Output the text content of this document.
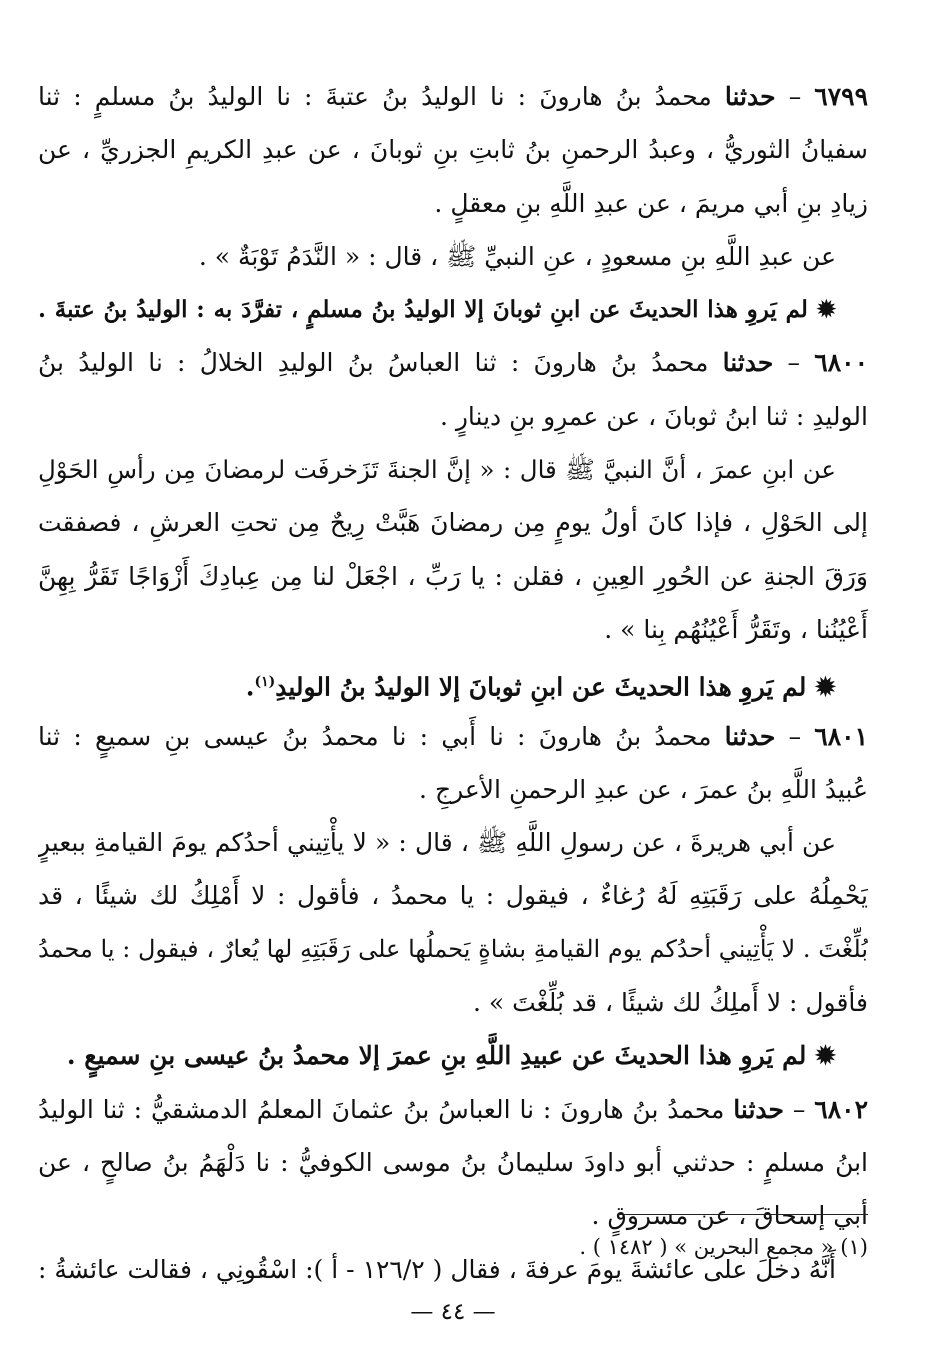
٦٧٩٩ – حدثنا محمدُ بنُ هارونَ : نا الوليدُ بنُ عتبةَ : نا الوليدُ بنُ مسلمٍ : ثنا
سفيانُ الثوريُّ ، وعبدُ الرحمنِ بنُ ثابتِ بنِ ثوبانَ ، عن عبدِ الكريمِ الجزريِّ ، عن
زيادِ بنِ أبي مريمَ ، عن عبدِ اللَّهِ بنِ معقلٍ .
عن عبدِ اللَّهِ بنِ مسعودٍ ، عنِ النبيِّ ﷺ ، قال : « النَّدَمُ تَوْبَةٌ » .
✹ لم يَروِ هذا الحديثَ عن ابنِ ثوبانَ إلا الوليدُ بنُ مسلمٍ ، تفرَّدَ به : الوليدُ بنُ عتبةَ .
٦٨٠٠ – حدثنا محمدُ بنُ هارونَ : ثنا العباسُ بنُ الوليدِ الخلالُ : نا الوليدُ بنُ
الوليدِ : ثنا ابنُ ثوبانَ ، عن عمرِو بنِ دينارٍ .
عن ابنِ عمرَ ، أنَّ النبيَّ ﷺ قال : « إنَّ الجنةَ تَزَخرفَت لرمضانَ مِن رأسِ الحَوْلِ
إلى الحَوْلِ ، فإذا كانَ أولُ يومٍ مِن رمضانَ هَبَّتْ رِيحٌ مِن تحتِ العرشِ ، فصفقت
وَرَقَ الجنةِ عن الحُورِ العِينِ ، فقلن : يا رَبِّ ، اجْعَلْ لنا مِن عِبادِكَ أَزْوَاجًا تَقَرُّ بِهِنَّ
أَعْيُنُنا ، وتَقَرُّ أَعْيُنُهُم بِنا » .
✹ لم يَروِ هذا الحديثَ عن ابنِ ثوبانَ إلا الوليدُ بنُ الوليدِ$^{(١)}$.
٦٨٠١ – حدثنا محمدُ بنُ هارونَ : نا أَبي : نا محمدُ بنُ عيسى بنِ سميعٍ : ثنا
عُبيدُ اللَّهِ بنُ عمرَ ، عن عبدِ الرحمنِ الأعرجِ .
عن أبي هريرةَ ، عن رسولِ اللَّهِ ﷺ ، قال : « لا يأْتِيني أحدُكم يومَ القيامةِ ببعيرٍ
يَحْمِلُهُ على رَقَبَتِهِ لَهُ رُغاءٌ ، فيقول : يا محمدُ ، فأقول : لا أَمْلِكُ لك شيئًا ، قد
بُلِّغْتَ . لا يَأْتِيني أحدُكم يوم القيامةِ بشاةٍ يَحملُها على رَقَبَتِهِ لها يُعارٌ ، فيقول : يا محمدُ
فأقول : لا أَملِكُ لك شيئًا ، قد بُلِّغْتَ » .
✹ لم يَروِ هذا الحديثَ عن عبيدِ اللَّهِ بنِ عمرَ إلا محمدُ بنُ عيسى بنِ سميعٍ .
٦٨٠٢ – حدثنا محمدُ بنُ هارونَ : نا العباسُ بنُ عثمانَ المعلمُ الدمشقيُّ : ثنا الوليدُ
ابنُ مسلمٍ : حدثني أبو داودَ سليمانُ بنُ موسى الكوفيُّ : نا دَلْهَمُ بنُ صالحٍ ، عن
أبي إسحاقَ ، عن مسروقٍ .
أَنَّهُ دخلَ على عائشةَ يومَ عرفةَ ، فقال ( ١٢٦/٢ - أ ): اسْقُونِي ، فقالت عائشةُ :
(١) « مجمع البحرين » ( ١٤٨٢ ) .
— ٤٤ —
